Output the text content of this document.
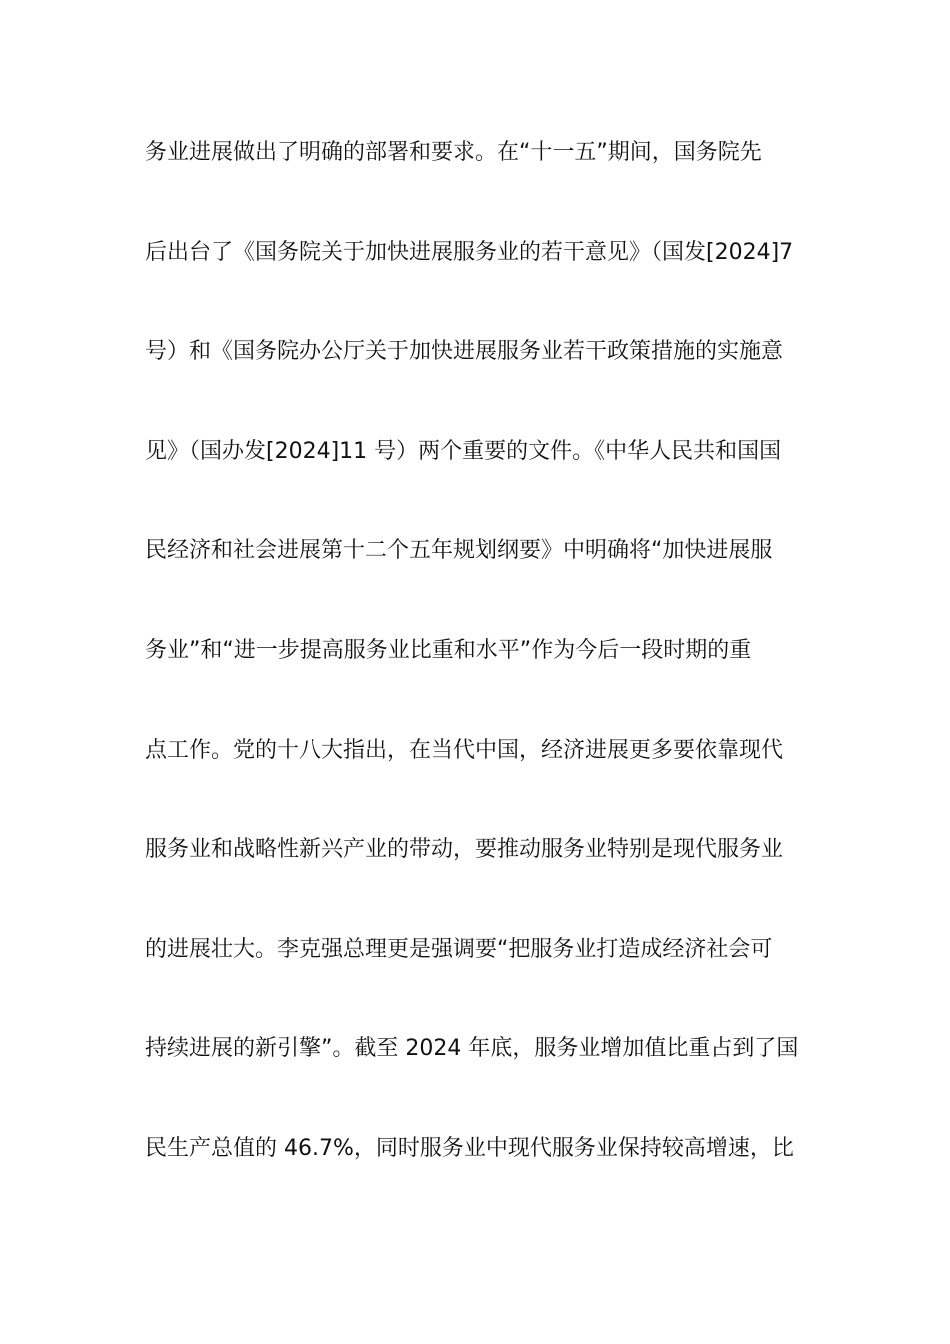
务业进展做出了明确的部署和要求。在“十一五”期间，国务院先
后出台了《国务院关于加快进展服务业的若干意见》（国发[2024]7
号）和《国务院办公厅关于加快进展服务业若干政策措施的实施意
见》（国办发[2024]11 号）两个重要的文件。《中华人民共和国国
民经济和社会进展第十二个五年规划纲要》中明确将“加快进展服
务业”和“进一步提高服务业比重和水平”作为今后一段时期的重
点工作。党的十八大指出，在当代中国，经济进展更多要依靠现代
服务业和战略性新兴产业的带动，要推动服务业特别是现代服务业
的进展壮大。李克强总理更是强调要“把服务业打造成经济社会可
持续进展的新引擎”。截至 2024 年底，服务业增加值比重占到了国
民生产总值的 46.7%，同时服务业中现代服务业保持较高增速，比
